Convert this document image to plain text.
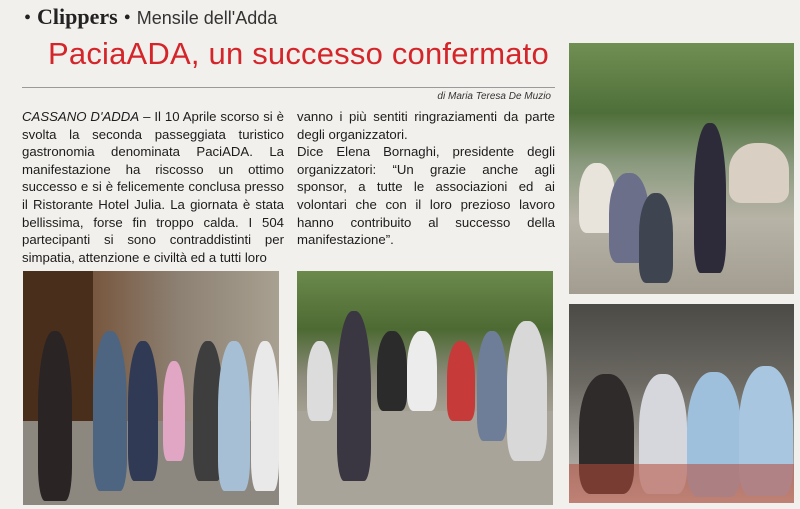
• Clippers • Mensile dell'Adda
PaciaADA, un successo confermato
di Maria Teresa De Muzio

CASSANO D'ADDA – Il 10 Aprile scorso si è svolta la seconda passeggiata turistico gastronomia denominata PaciADA. La manifestazione ha riscosso un ottimo successo e si è felicemente conclusa presso il Ristorante Hotel Julia. La giornata è stata bellissima, forse fin troppo calda. I 504 partecipanti si sono contraddistinti per simpatia, attenzione e civiltà ed a tutti loro

vanno i più sentiti ringraziamenti da parte degli organizzatori.

Dice Elena Bornaghi, presidente degli organizzatori: “Un grazie anche agli sponsor, a tutte le associazioni ed ai volontari che con il loro prezioso lavoro hanno contribuito al successo della manifestazione”.
